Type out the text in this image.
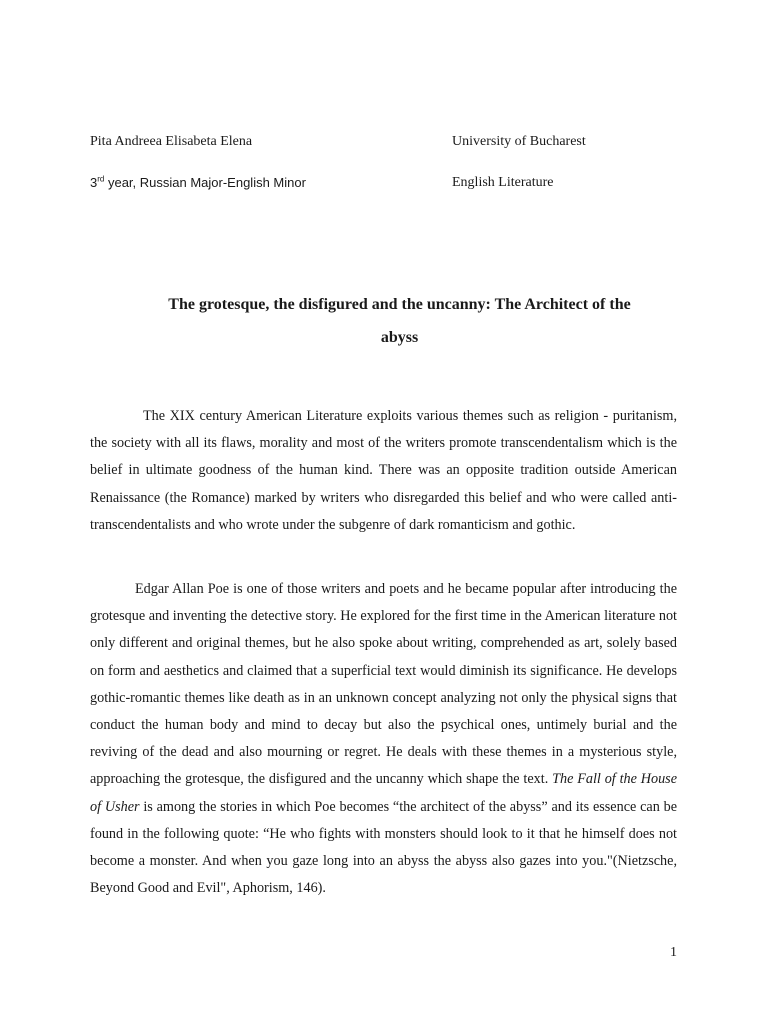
Pita Andreea Elisabeta Elena	University of Bucharest
3rd year, Russian Major-English Minor	English Literature
The grotesque, the disfigured and the uncanny: The Architect of the
abyss

The XIX century American Literature exploits various themes such as religion - puritanism, the society with all its flaws, morality and most of the writers promote transcendentalism which is the belief in ultimate goodness of the human kind. There was an opposite tradition outside American Renaissance (the Romance) marked by writers who disregarded this belief and who were called anti-transcendentalists and who wrote under the subgenre of dark romanticism and gothic.

Edgar Allan Poe is one of those writers and poets and he became popular after introducing the grotesque and inventing the detective story. He explored for the first time in the American literature not only different and original themes, but he also spoke about writing, comprehended as art, solely based on form and aesthetics and claimed that a superficial text would diminish its significance. He develops gothic-romantic themes like death as in an unknown concept analyzing not only the physical signs that conduct the human body and mind to decay but also the psychical ones, untimely burial and the reviving of the dead and also mourning or regret. He deals with these themes in a mysterious style, approaching the grotesque, the disfigured and the uncanny which shape the text. The Fall of the House of Usher is among the stories in which Poe becomes “the architect of the abyss” and its essence can be found in the following quote: “He who fights with monsters should look to it that he himself does not become a monster. And when you gaze long into an abyss the abyss also gazes into you."(Nietzsche, Beyond Good and Evil", Aphorism, 146).

1
